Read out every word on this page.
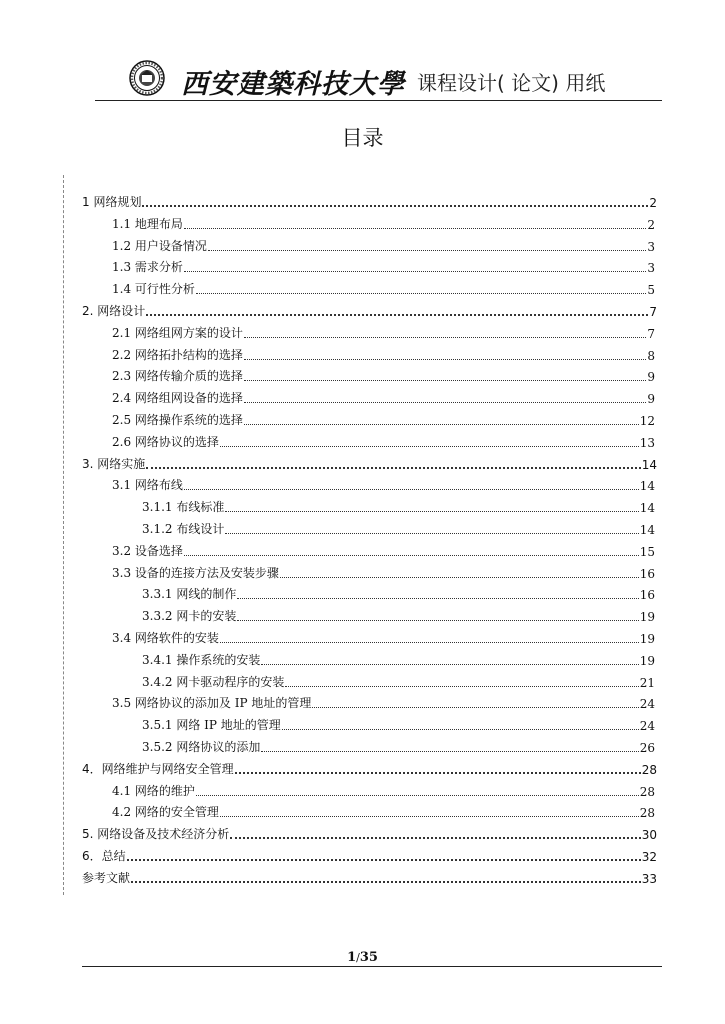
西安建築科技大學 课程设计( 论文) 用纸
目录
1 网络规划	2
1.1 地理布局	2
1.2 用户设备情况	3
1.3 需求分析	3
1.4 可行性分析	5
2. 网络设计	7
2.1 网络组网方案的设计	7
2.2 网络拓扑结构的选择	8
2.3 网络传输介质的选择	9
2.4 网络组网设备的选择	9
2.5 网络操作系统的选择	12
2.6 网络协议的选择	13
3. 网络实施	14
3.1 网络布线	14
3.1.1 布线标准	14
3.1.2 布线设计	14
3.2 设备选择	15
3.3 设备的连接方法及安装步骤	16
3.3.1 网线的制作	16
3.3.2 网卡的安装	19
3.4 网络软件的安装	19
3.4.1 操作系统的安装	19
3.4.2 网卡驱动程序的安装	21
3.5 网络协议的添加及 IP 地址的管理	24
3.5.1 网络 IP 地址的管理	24
3.5.2 网络协议的添加	26
4．网络维护与网络安全管理	28
4.1 网络的维护	28
4.2 网络的安全管理	28
5. 网络设备及技术经济分析	30
6．总结	32
参考文献	33
1/35
